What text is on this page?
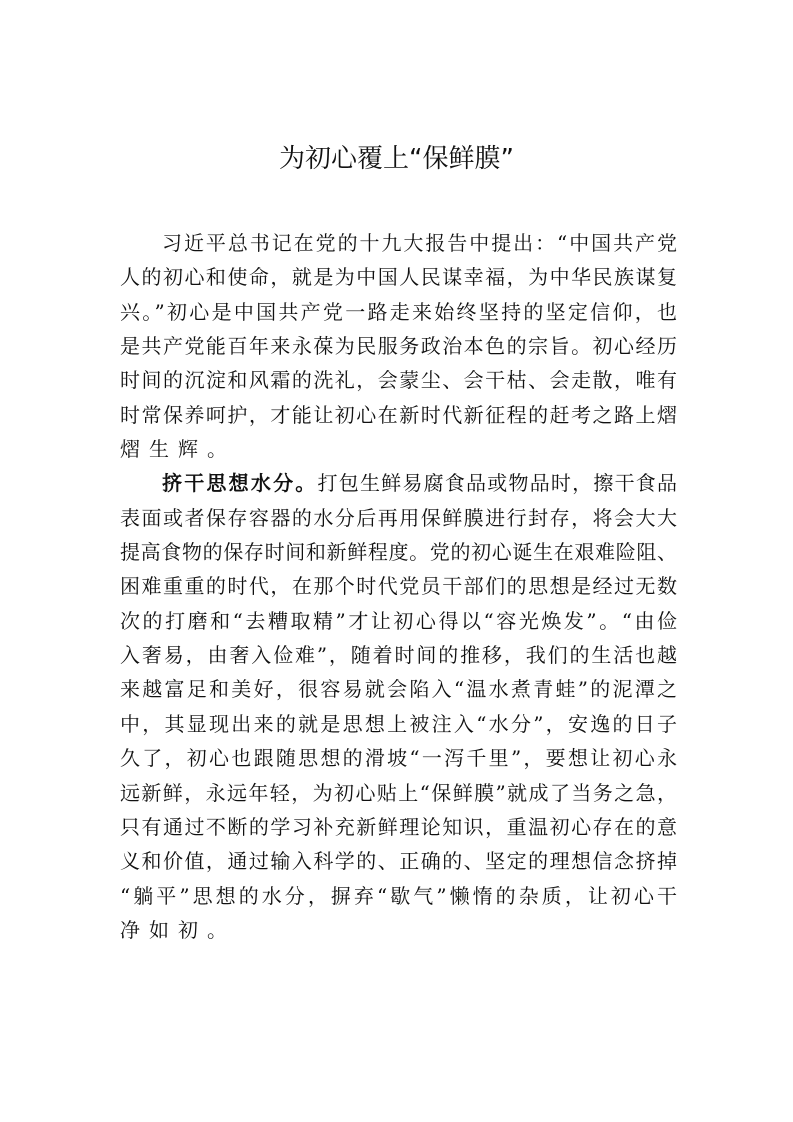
为初心覆上“保鲜膜”
习近平总书记在党的十九大报告中提出：“中国共产党
人的初心和使命，就是为中国人民谋幸福，为中华民族谋复
兴。”初心是中国共产党一路走来始终坚持的坚定信仰，也
是共产党能百年来永葆为民服务政治本色的宗旨。初心经历
时间的沉淀和风霜的洗礼，会蒙尘、会干枯、会走散，唯有
时常保养呵护，才能让初心在新时代新征程的赶考之路上熠
熠生辉。
挤干思想水分。打包生鲜易腐食品或物品时，擦干食品
表面或者保存容器的水分后再用保鲜膜进行封存，将会大大
提高食物的保存时间和新鲜程度。党的初心诞生在艰难险阻、
困难重重的时代，在那个时代党员干部们的思想是经过无数
次的打磨和“去糟取精”才让初心得以“容光焕发”。“由俭
入奢易，由奢入俭难”，随着时间的推移，我们的生活也越
来越富足和美好，很容易就会陷入“温水煮青蛙”的泥潭之
中，其显现出来的就是思想上被注入“水分”，安逸的日子
久了，初心也跟随思想的滑坡“一泻千里”，要想让初心永
远新鲜，永远年轻，为初心贴上“保鲜膜”就成了当务之急，
只有通过不断的学习补充新鲜理论知识，重温初心存在的意
义和价值，通过输入科学的、正确的、坚定的理想信念挤掉
“躺平”思想的水分，摒弃“歇气”懒惰的杂质，让初心干
净如初。
